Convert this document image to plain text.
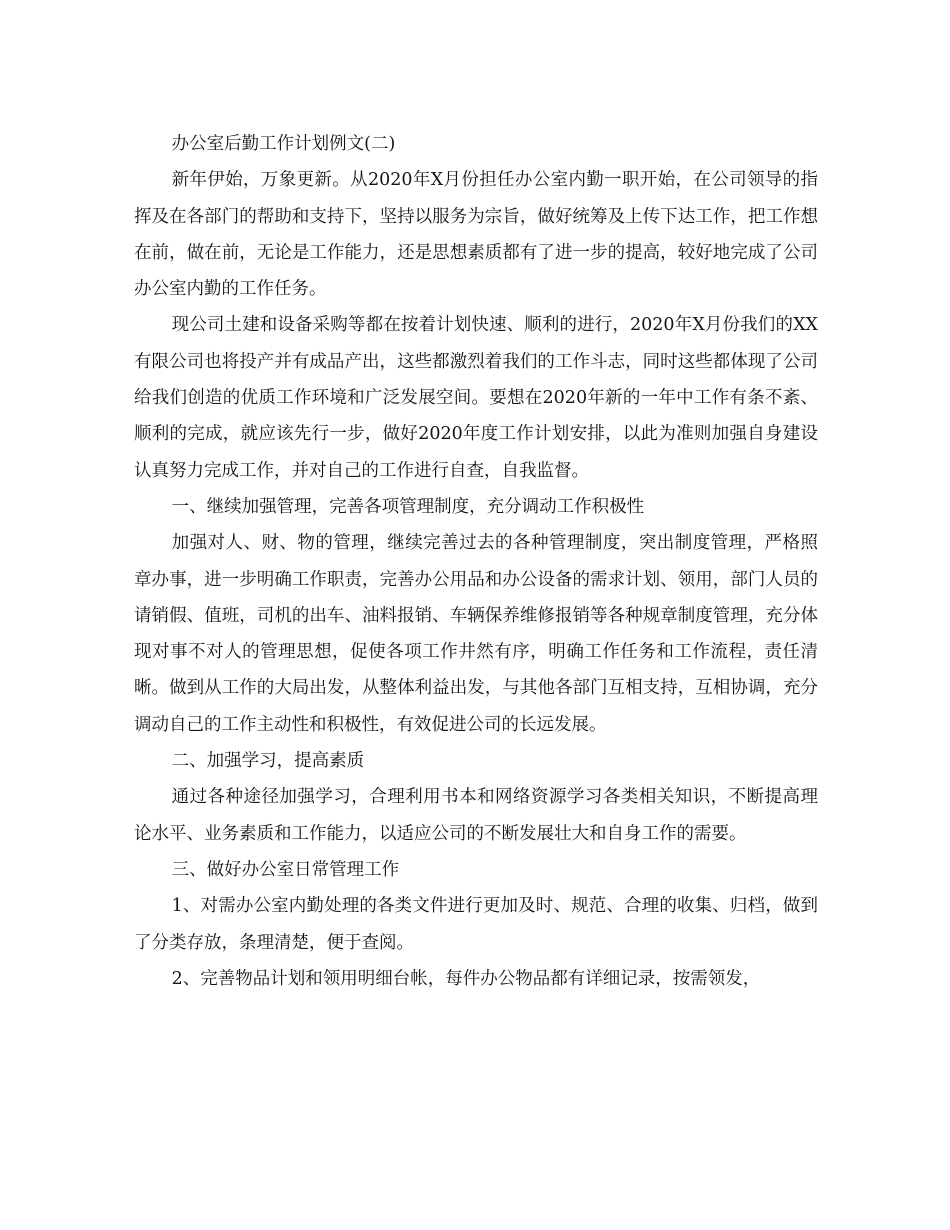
办公室后勤工作计划例文(二)

新年伊始，万象更新。从2020年X月份担任办公室内勤一职开始，在公司领导的指挥及在各部门的帮助和支持下，坚持以服务为宗旨，做好统筹及上传下达工作，把工作想在前，做在前，无论是工作能力，还是思想素质都有了进一步的提高，较好地完成了公司办公室内勤的工作任务。

现公司土建和设备采购等都在按着计划快速、顺利的进行，2020年X月份我们的XX有限公司也将投产并有成品产出，这些都激烈着我们的工作斗志，同时这些都体现了公司给我们创造的优质工作环境和广泛发展空间。要想在2020年新的一年中工作有条不紊、顺利的完成，就应该先行一步，做好2020年度工作计划安排，以此为准则加强自身建设认真努力完成工作，并对自己的工作进行自查，自我监督。

一、继续加强管理，完善各项管理制度，充分调动工作积极性

加强对人、财、物的管理，继续完善过去的各种管理制度，突出制度管理，严格照章办事，进一步明确工作职责，完善办公用品和办公设备的需求计划、领用，部门人员的请销假、值班，司机的出车、油料报销、车辆保养维修报销等各种规章制度管理，充分体现对事不对人的管理思想，促使各项工作井然有序，明确工作任务和工作流程，责任清晰。做到从工作的大局出发，从整体利益出发，与其他各部门互相支持，互相协调，充分调动自己的工作主动性和积极性，有效促进公司的长远发展。

二、加强学习，提高素质

通过各种途径加强学习，合理利用书本和网络资源学习各类相关知识，不断提高理论水平、业务素质和工作能力，以适应公司的不断发展壮大和自身工作的需要。

三、做好办公室日常管理工作

1、对需办公室内勤处理的各类文件进行更加及时、规范、合理的收集、归档，做到了分类存放，条理清楚，便于查阅。

2、完善物品计划和领用明细台帐，每件办公物品都有详细记录，按需领发，
